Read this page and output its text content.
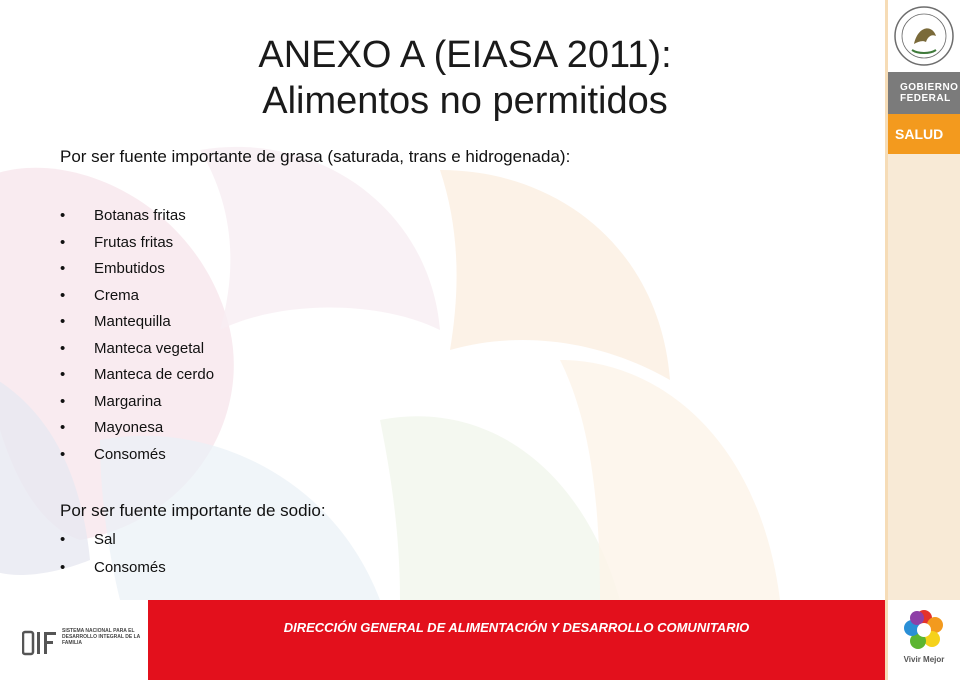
ANEXO A (EIASA 2011):
Alimentos no permitidos
Por ser fuente importante de grasa (saturada, trans e hidrogenada):
• Botanas fritas
• Frutas fritas
• Embutidos
• Crema
• Mantequilla
• Manteca vegetal
• Manteca de cerdo
• Margarina
• Mayonesa
• Consomés
Por ser fuente importante de sodio:
• Sal
• Consomés
GOBIERNO
FEDERAL
SALUD
SISTEMA NACIONAL PARA EL DESARROLLO INTEGRAL DE LA FAMILIA
DIRECCIÓN GENERAL DE ALIMENTACIÓN Y DESARROLLO COMUNITARIO
Vivir Mejor
